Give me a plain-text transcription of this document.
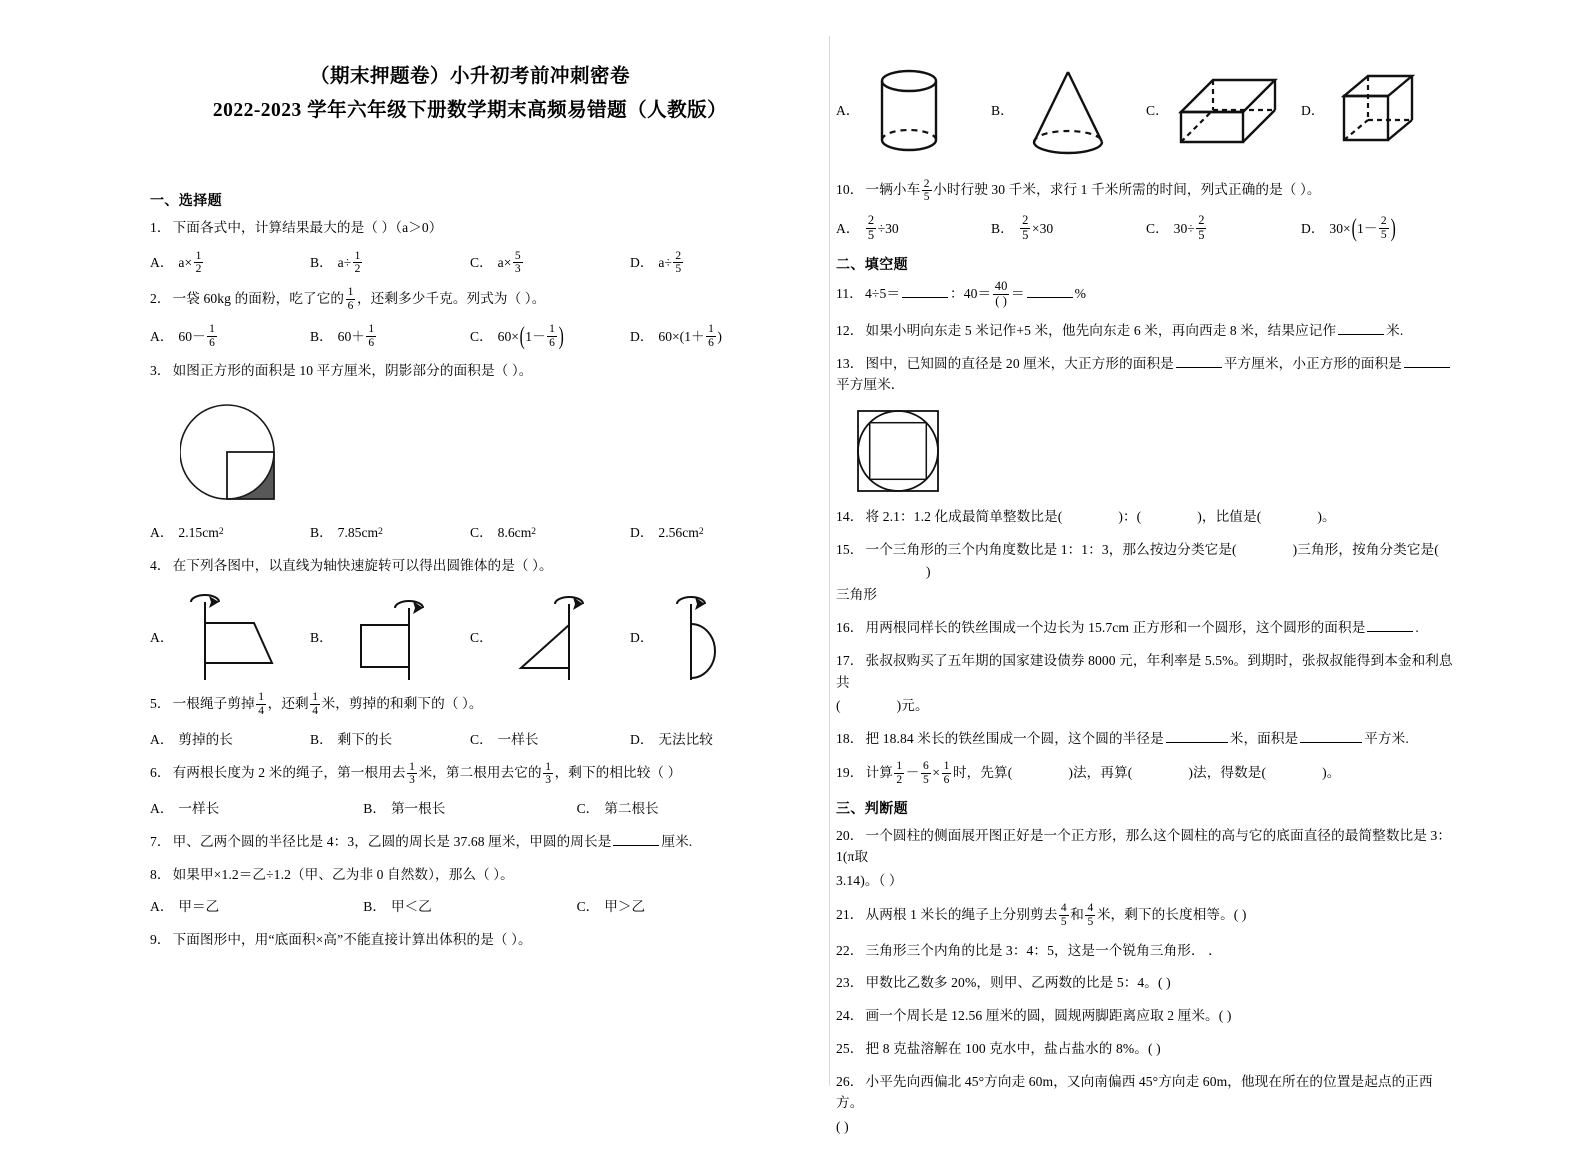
（期末押题卷）小升初考前冲刺密卷
2022-2023 学年六年级下册数学期末高频易错题（人教版）
一、选择题
1． 下面各式中，计算结果最大的是（ ）（a＞0）
A． $a\times \frac{1}{2}$	B． $a\div \frac{1}{2}$	C． $a\times \frac{5}{3}$	D． $a\div \frac{2}{5}$
2． 一袋 60kg 的面粉，吃了它的 $\frac{1}{6}$ ，还剩多少千克。列式为（ ）。
A． $60- \frac{1}{6}$	B． $60+ \frac{1}{6}$	C． 60× ( $1- \frac{1}{6}$ )	D． $60\times(1+ \frac{1}{6}$ )
3． 如图正方形的面积是 10 平方厘米，阴影部分的面积是（ ）。
A． 2.15cm 2	B． 7.85cm 2	C． 8.6cm 2	D． 2.56cm 2
4． 在下列各图中，以直线为轴快速旋转可以得出圆锥体的是（ ）。
A．	B．	C．	D．
5． 一根绳子剪掉 $\frac{1}{4}$ ，还剩 $\frac{1}{4}$ 米，剪掉的和剩下的（ ）。
A． 剪掉的长	B． 剩下的长	C． 一样长	D． 无法比较
6． 有两根长度为 2 米的绳子，第一根用去 $\frac{1}{3}$ 米，第二根用去它的 $\frac{1}{3}$ ，剩下的相比较（ ）
A． 一样长	B． 第一根长	C． 第二根长
7． 甲、乙两个圆的半径比是 4：3，乙圆的周长是 37.68 厘米，甲圆的周长是	厘米.
8． 如果甲×1.2＝乙÷1.2（甲、乙为非 0 自然数），那么（ ）。
A． 甲＝乙	B． 甲＜乙	C． 甲＞乙
9． 下面图形中，用“底面积×高”不能直接计算出体积的是（ ）。
A．	B．	C．	D．
10． 一辆小车 $\frac{2}{5}$ 小时行驶 30 千米，求行 1 千米所需的时间，列式正确的是（ ）。
A． $\frac{2}{5} \div 30$	B． $\frac{2}{5} \times 30$	C． $30\div \frac{2}{5}$	D． 30× ( $1- \frac{2}{5}$ )
二、填空题
11． 4÷5＝	：$40= \frac{40}{( )}$ ＝	%
12． 如果小明向东走 5 米记作+5 米，他先向东走 6 米，再向西走 8 米，结果应记作	米.
13． 图中，已知圆的直径是 20 厘米，大正方形的面积是	平方厘米，小正方形的面积是平方厘米．
14． 将 2.1：1.2 化成最简单整数比是(	)：(	)，比值是(	)。
15． 一个三角形的三个内角度数比是 1：1：3，那么按边分类它是(	)三角形，按角分类它是()
三角形
16． 用两根同样长的铁丝围成一个边长为 15.7cm 正方形和一个圆形，这个圆形的面积是	.
17． 张叔叔购买了五年期的国家建设债券 8000 元，年利率是 5.5%。到期时，张叔叔能得到本金和利息共
(	)元。
18． 把 18.84 米长的铁丝围成一个圆，这个圆的半径是	米，面积是	平方米.
19． 计算 $\frac{1}{2} - \frac{6}{5} \times \frac{1}{6}$ 时，先算(	)法，再算(	)法，得数是(	)。
三、判断题
20． 一个圆柱的侧面展开图正好是一个正方形，那么这个圆柱的高与它的底面直径的最简整数比是 3：1(π取
3.14)。（ ）
21． 从两根 1 米长的绳子上分别剪去 $\frac{4}{5}$ 和 $\frac{4}{5}$ 米，剩下的长度相等。( )
22． 三角形三个内角的比是 3：4：5，这是一个锐角三角形． ．
23． 甲数比乙数多 20%，则甲、乙两数的比是 5：4。( )
24． 画一个周长是 12.56 厘米的圆，圆规两脚距离应取 2 厘米。( )
25． 把 8 克盐溶解在 100 克水中，盐占盐水的 8%。( )
26． 小平先向西偏北 45°方向走 60m，又向南偏西 45°方向走 60m，他现在所在的位置是起点的正西方。
( )
